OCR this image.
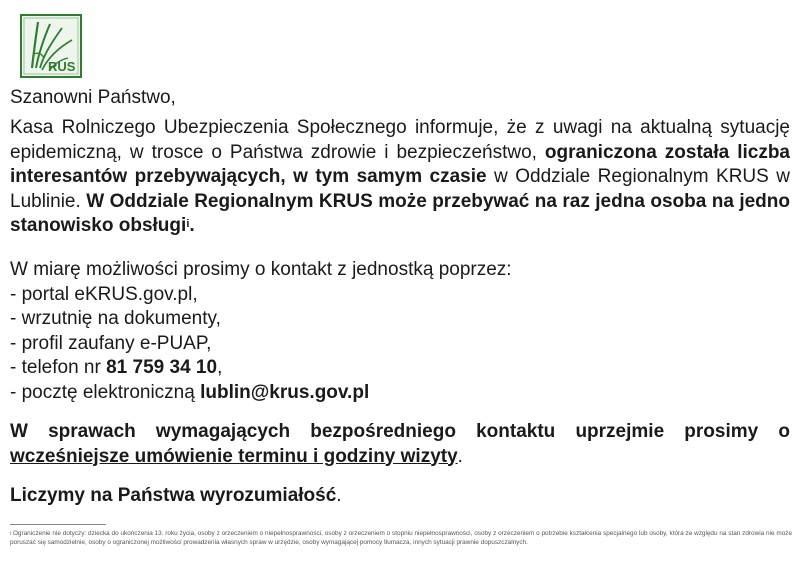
RUS
Szanowni Państwo,
Kasa Rolniczego Ubezpieczenia Społecznego informuje, że z uwagi na aktualną sytuację epidemiczną, w trosce o Państwa zdrowie i bezpieczeństwo, ograniczona została liczba interesantów przebywających, w tym samym czasie w Oddziale Regionalnym KRUS w Lublinie. W Oddziale Regionalnym KRUS może przebywać na raz jedna osoba na jedno stanowisko obsługi$^i$.
W miarę możliwości prosimy o kontakt z jednostką poprzez:
- portal eKRUS.gov.pl,
- wrzutnię na dokumenty,
- profil zaufany e-PUAP,
- telefon nr 81 759 34 10,
- pocztę elektroniczną lublin@krus.gov.pl
W sprawach wymagających bezpośredniego kontaktu uprzejmie prosimy o wcześniejsze umówienie terminu i godziny wizyty.
Liczymy na Państwa wyrozumiałość.
$^i$ Ograniczenie nie dotyczy: dziecka do ukończenia 13. roku życia, osoby z orzeczeniem o niepełnosprawności, osoby z orzeczeniem o stopniu niepełnosprawności, osoby z orzeczeniem o potrzebie kształcenia specjalnego lub osoby, która ze względu na stan zdrowia nie może poruszać się samodzielnie, osoby o ograniczonej możliwości prowadzenia własnych spraw w urzędzie, osoby wymagającej pomocy tłumacza, innych sytuacji prawnie dopuszczalnych.
